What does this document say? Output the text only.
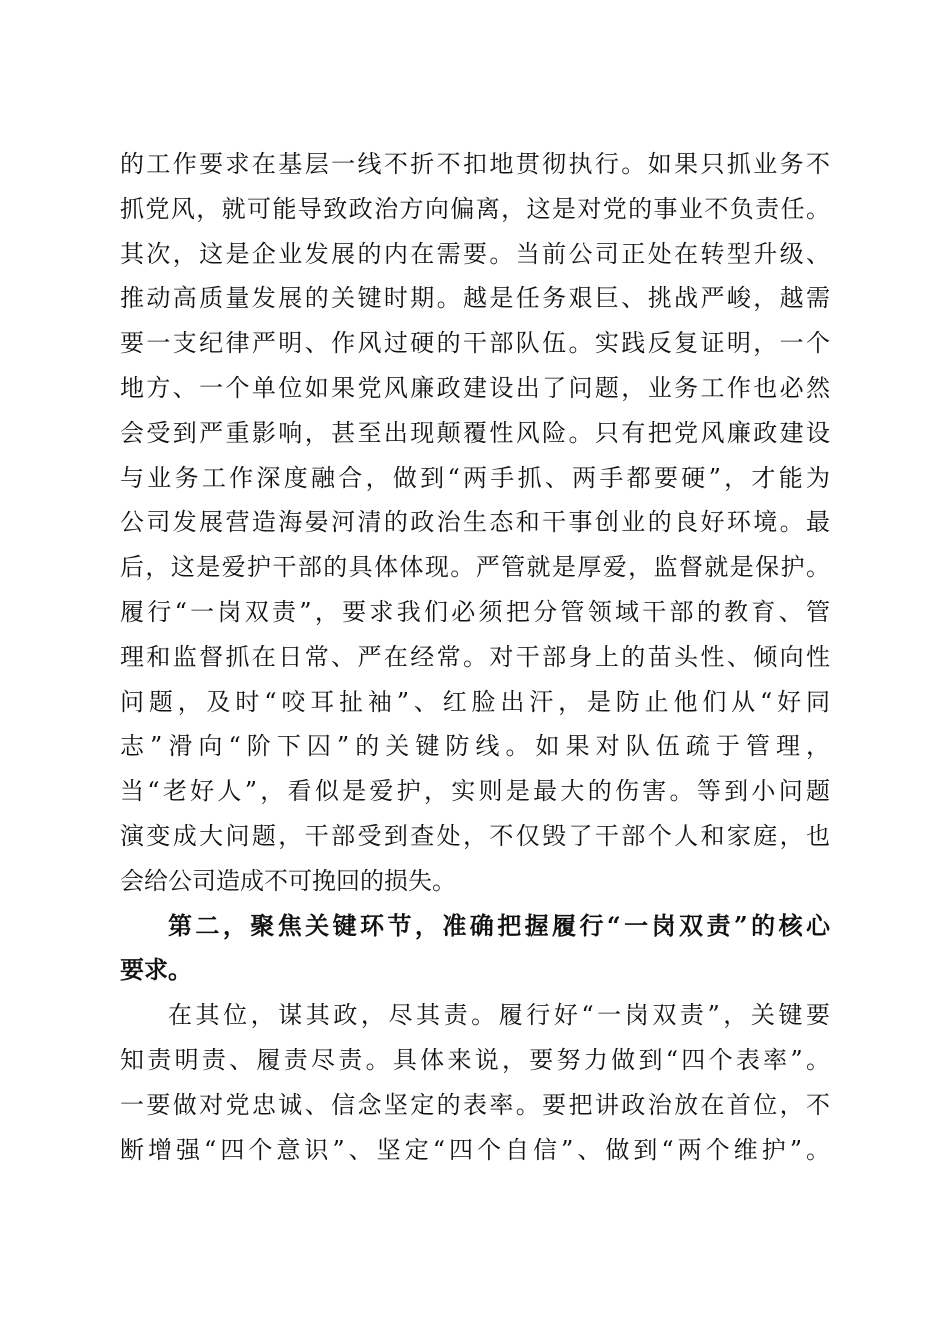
的工作要求在基层一线不折不扣地贯彻执行。如果只抓业务不
抓党风，就可能导致政治方向偏离，这是对党的事业不负责任。
其次，这是企业发展的内在需要。当前公司正处在转型升级、
推动高质量发展的关键时期。越是任务艰巨、挑战严峻，越需
要一支纪律严明、作风过硬的干部队伍。实践反复证明，一个
地方、一个单位如果党风廉政建设出了问题，业务工作也必然
会受到严重影响，甚至出现颠覆性风险。只有把党风廉政建设
与业务工作深度融合，做到“两手抓、两手都要硬”，才能为
公司发展营造海晏河清的政治生态和干事创业的良好环境。最
后，这是爱护干部的具体体现。严管就是厚爱，监督就是保护。
履行“一岗双责”，要求我们必须把分管领域干部的教育、管
理和监督抓在日常、严在经常。对干部身上的苗头性、倾向性
问题，及时“咬耳扯袖”、红脸出汗，是防止他们从“好同
志”滑向“阶下囚”的关键防线。如果对队伍疏于管理，
当“老好人”，看似是爱护，实则是最大的伤害。等到小问题
演变成大问题，干部受到查处，不仅毁了干部个人和家庭，也
会给公司造成不可挽回的损失。
第二，聚焦关键环节，准确把握履行“一岗双责”的核心
要求。
在其位，谋其政，尽其责。履行好“一岗双责”，关键要
知责明责、履责尽责。具体来说，要努力做到“四个表率”。
一要做对党忠诚、信念坚定的表率。要把讲政治放在首位，不
断增强“四个意识”、坚定“四个自信”、做到“两个维护”。
